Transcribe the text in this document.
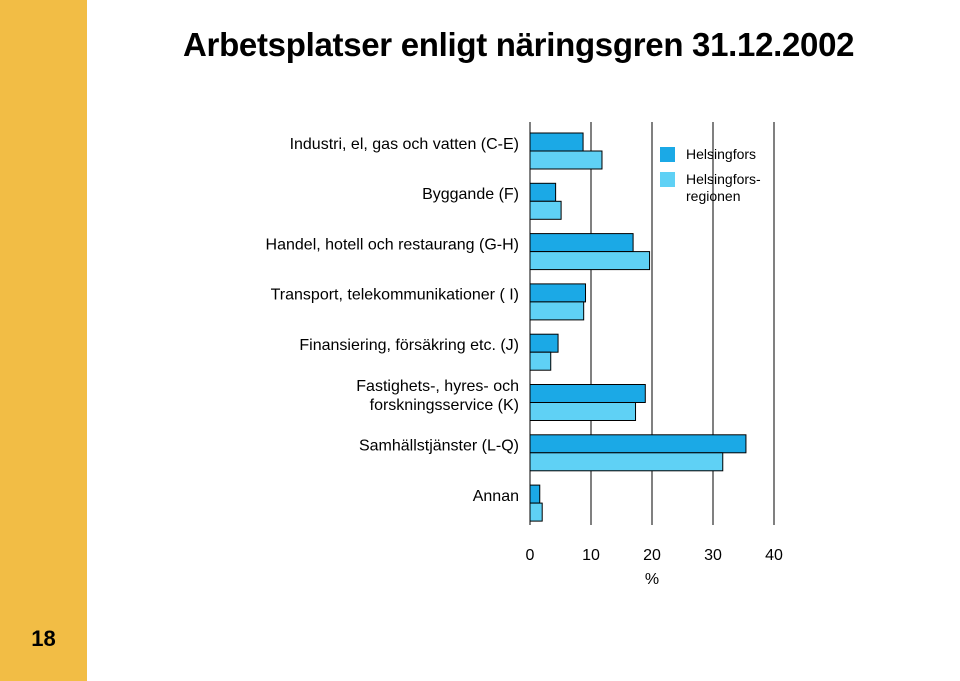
18
Arbetsplatser enligt näringsgren 31.12.2002
Industri, el, gas och vatten (C-E)
Byggande (F)
Handel, hotell och restaurang (G-H)
Transport, telekommunikationer ( I)
Finansiering, försäkring etc. (J)
Fastighets-, hyres- och forskningsservice (K)
Samhällstjänster (L-Q)
Annan
0	10	20	30	40
Helsingfors
Helsingfors-regionen
%
